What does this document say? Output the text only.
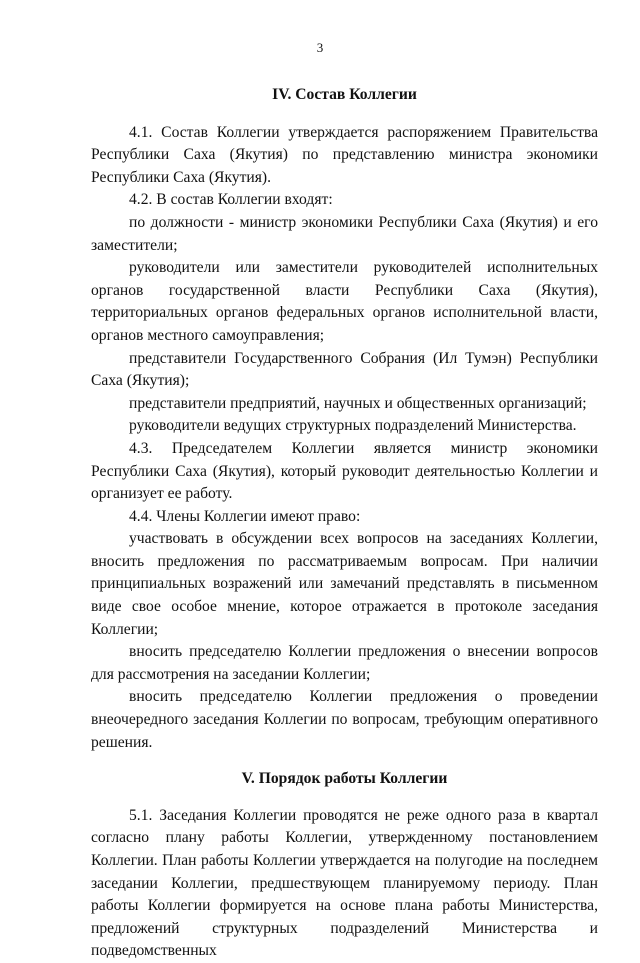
3
IV. Состав Коллегии

4.1. Состав Коллегии утверждается распоряжением Правительства Республики Саха (Якутия) по представлению министра экономики Республики Саха (Якутия).

4.2. В состав Коллегии входят:

по должности - министр экономики Республики Саха (Якутия) и его заместители;

руководители или заместители руководителей исполнительных органов государственной власти Республики Саха (Якутия), территориальных органов федеральных органов исполнительной власти, органов местного самоуправления;

представители Государственного Собрания (Ил Тумэн) Республики Саха (Якутия);

представители предприятий, научных и общественных организаций;

руководители ведущих структурных подразделений Министерства.

4.3. Председателем Коллегии является министр экономики Республики Саха (Якутия), который руководит деятельностью Коллегии и организует ее работу.

4.4. Члены Коллегии имеют право:

участвовать в обсуждении всех вопросов на заседаниях Коллегии, вносить предложения по рассматриваемым вопросам. При наличии принципиальных возражений или замечаний представлять в письменном виде свое особое мнение, которое отражается в протоколе заседания Коллегии;

вносить председателю Коллегии предложения о внесении вопросов для рассмотрения на заседании Коллегии;

вносить председателю Коллегии предложения о проведении внеочередного заседания Коллегии по вопросам, требующим оперативного решения.

V. Порядок работы Коллегии

5.1. Заседания Коллегии проводятся не реже одного раза в квартал согласно плану работы Коллегии, утвержденному постановлением Коллегии. План работы Коллегии утверждается на полугодие на последнем заседании Коллегии, предшествующем планируемому периоду. План работы Коллегии формируется на основе плана работы Министерства, предложений структурных подразделений Министерства и подведомственных
